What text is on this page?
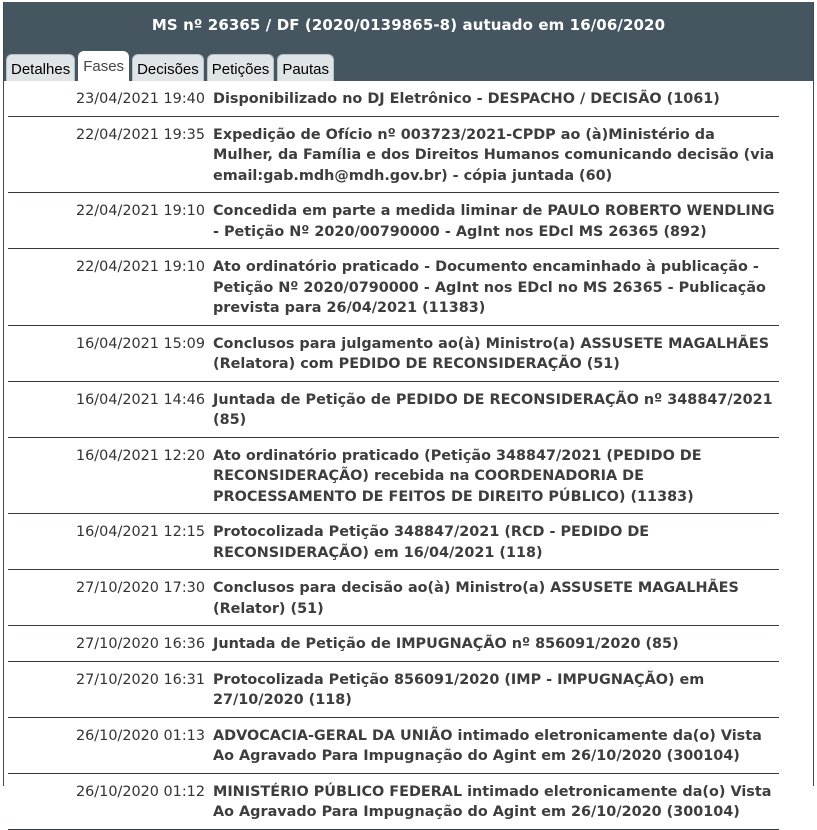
MS nº 26365 / DF (2020/0139865-8) autuado em 16/06/2020
Detalhes Fases Decisões Petições Pautas
23/04/2021 19:40 Disponibilizado no DJ Eletrônico - DESPACHO / DECISÃO (1061)
22/04/2021 19:35 Expedição de Ofício nº 003723/2021-CPDP ao (à)Ministério da Mulher, da Família e dos Direitos Humanos comunicando decisão (via email:gab.mdh@mdh.gov.br) - cópia juntada (60)
22/04/2021 19:10 Concedida em parte a medida liminar de PAULO ROBERTO WENDLING - Petição Nº 2020/00790000 - AgInt nos EDcl MS 26365 (892)
22/04/2021 19:10 Ato ordinatório praticado - Documento encaminhado à publicação - Petição Nº 2020/0790000 - AgInt nos EDcl no MS 26365 - Publicação prevista para 26/04/2021 (11383)
16/04/2021 15:09 Conclusos para julgamento ao(à) Ministro(a) ASSUSETE MAGALHÃES (Relatora) com PEDIDO DE RECONSIDERAÇÃO (51)
16/04/2021 14:46 Juntada de Petição de PEDIDO DE RECONSIDERAÇÃO nº 348847/2021 (85)
16/04/2021 12:20 Ato ordinatório praticado (Petição 348847/2021 (PEDIDO DE RECONSIDERAÇÃO) recebida na COORDENADORIA DE PROCESSAMENTO DE FEITOS DE DIREITO PÚBLICO) (11383)
16/04/2021 12:15 Protocolizada Petição 348847/2021 (RCD - PEDIDO DE RECONSIDERAÇÃO) em 16/04/2021 (118)
27/10/2020 17:30 Conclusos para decisão ao(à) Ministro(a) ASSUSETE MAGALHÃES (Relator) (51)
27/10/2020 16:36 Juntada de Petição de IMPUGNAÇÃO nº 856091/2020 (85)
27/10/2020 16:31 Protocolizada Petição 856091/2020 (IMP - IMPUGNAÇÃO) em 27/10/2020 (118)
26/10/2020 01:13 ADVOCACIA-GERAL DA UNIÃO intimado eletronicamente da(o) Vista Ao Agravado Para Impugnação do Agint em 26/10/2020 (300104)
26/10/2020 01:12 MINISTÉRIO PÚBLICO FEDERAL intimado eletronicamente da(o) Vista Ao Agravado Para Impugnação do Agint em 26/10/2020 (300104)
